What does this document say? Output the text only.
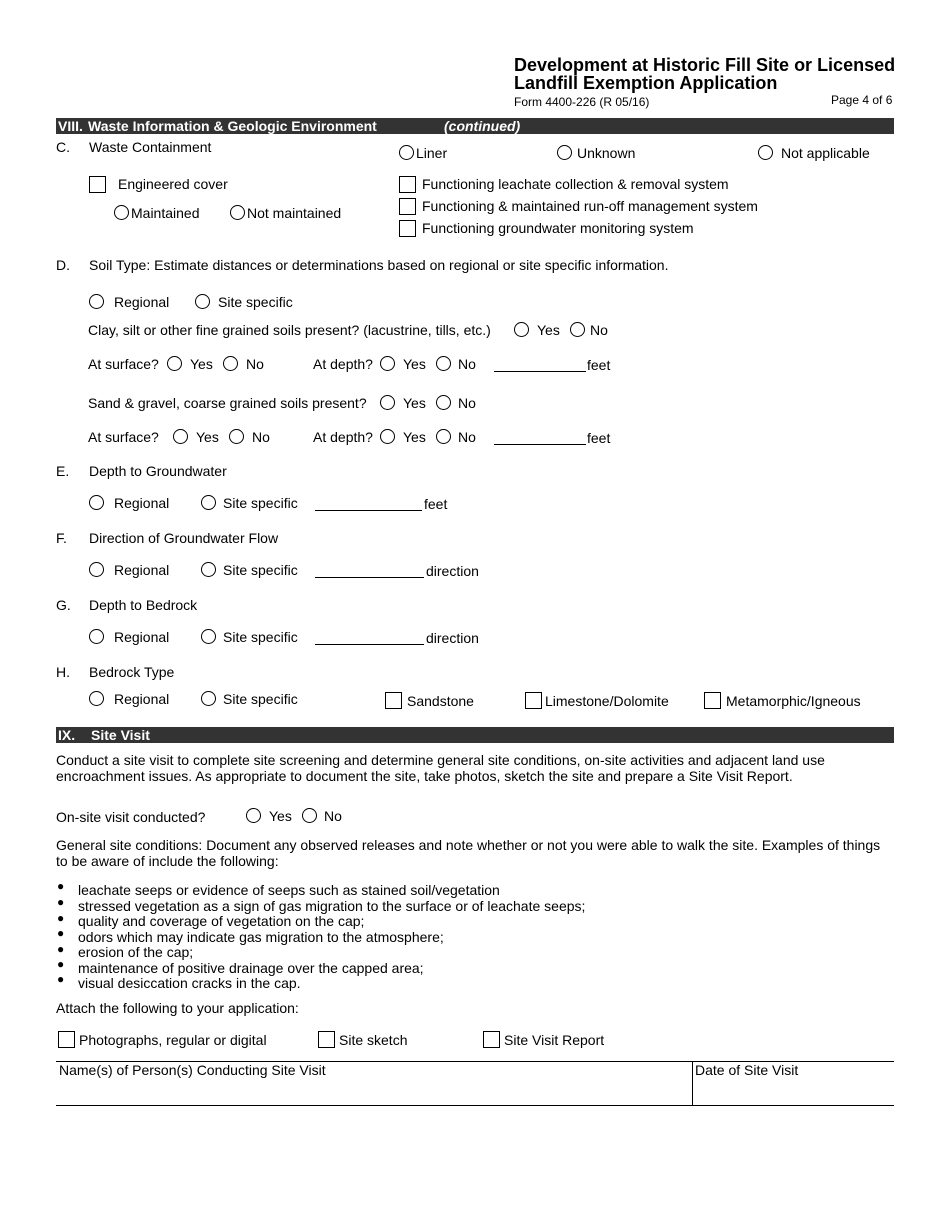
Development at Historic Fill Site or Licensed
Landfill Exemption Application
Form 4400-226 (R 05/16)	Page 4 of 6
VIII. Waste Information & Geologic Environment	(continued)
C. Waste Containment	Liner	Unknown	Not applicable
Engineered cover
Maintained	Not maintained
Functioning leachate collection & removal system
Functioning & maintained run-off management system
Functioning groundwater monitoring system
D. Soil Type: Estimate distances or determinations based on regional or site specific information.
Regional	Site specific
Clay, silt or other fine grained soils present? (lacustrine, tills, etc.)	Yes No
At surface? Yes No	At depth? Yes No	feet
Sand & gravel, coarse grained soils present?	Yes No
At surface?	Yes No	At depth? Yes No	feet
E. Depth to Groundwater
Regional	Site specific	feet
F. Direction of Groundwater Flow
Regional	Site specific	direction
G. Depth to Bedrock
Regional	Site specific	direction
H. Bedrock Type
Regional	Site specific	Sandstone	Limestone/Dolomite	Metamorphic/Igneous
IX. Site Visit
Conduct a site visit to complete site screening and determine general site conditions, on-site activities and adjacent land use
encroachment issues. As appropriate to document the site, take photos, sketch the site and prepare a Site Visit Report.
On-site visit conducted?	Yes No
General site conditions: Document any observed releases and note whether or not you were able to walk the site. Examples of things
to be aware of include the following:
● leachate seeps or evidence of seeps such as stained soil/vegetation
● stressed vegetation as a sign of gas migration to the surface or of leachate seeps;
● quality and coverage of vegetation on the cap;
● odors which may indicate gas migration to the atmosphere;
● erosion of the cap;
● maintenance of positive drainage over the capped area;
● visual desiccation cracks in the cap.
Attach the following to your application:
Photographs, regular or digital	Site sketch	Site Visit Report
Name(s) of Person(s) Conducting Site Visit	Date of Site Visit
